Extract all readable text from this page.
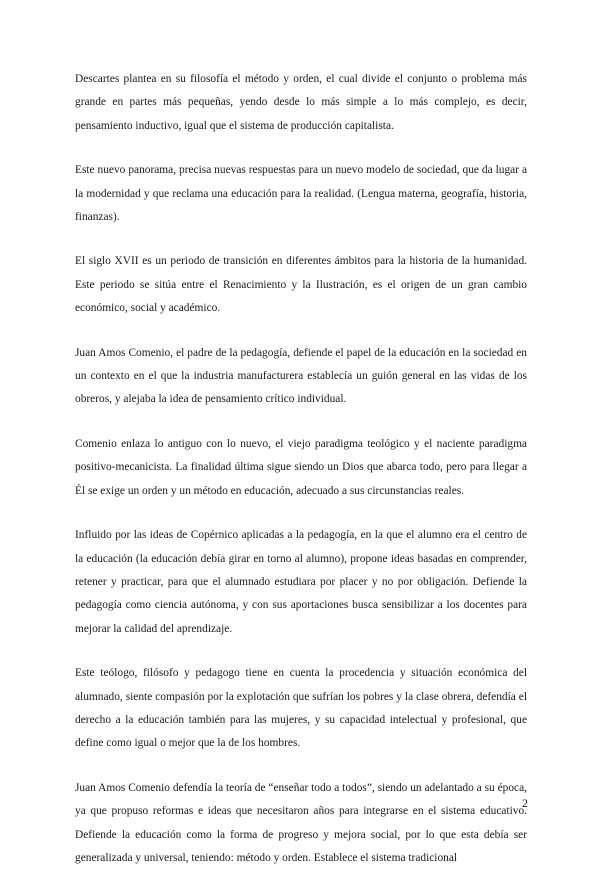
Descartes plantea en su filosofía el método y orden, el cual divide el conjunto o problema más grande en partes más pequeñas, yendo desde lo más simple a lo más complejo, es decir, pensamiento inductivo, igual que el sistema de producción capitalista.

Este nuevo panorama, precisa nuevas respuestas para un nuevo modelo de sociedad, que da lugar a la modernidad y que reclama una educación para la realidad. (Lengua materna, geografía, historia, finanzas).

El siglo XVII es un periodo de transición en diferentes ámbitos para la historia de la humanidad. Este periodo se sitúa entre el Renacimiento y la Ilustración, es el origen de un gran cambio económico, social y académico.

Juan Amos Comenio, el padre de la pedagogía, defiende el papel de la educación en la sociedad en un contexto en el que la industria manufacturera establecía un guión general en las vidas de los obreros, y alejaba la idea de pensamiento crítico individual.

Comenio enlaza lo antiguo con lo nuevo, el viejo paradigma teológico y el naciente paradigma positivo-mecanicista. La finalidad última sigue siendo un Dios que abarca todo, pero para llegar a Él se exige un orden y un método en educación, adecuado a sus circunstancias reales.

Influido por las ideas de Copérnico aplicadas a la pedagogía, en la que el alumno era el centro de la educación (la educación debía girar en torno al alumno), propone ideas basadas en comprender, retener y practicar, para que el alumnado estudiara por placer y no por obligación. Defiende la pedagogía como ciencia autónoma, y con sus aportaciones busca sensibilizar a los docentes para mejorar la calidad del aprendizaje.

Este teólogo, filósofo y pedagogo tiene en cuenta la procedencia y situación económica del alumnado, siente compasión por la explotación que sufrían los pobres y la clase obrera, defendía el derecho a la educación también para las mujeres, y su capacidad intelectual y profesional, que define como igual o mejor que la de los hombres.

Juan Amos Comenio defendía la teoría de “enseñar todo a todos”, siendo un adelantado a su época, ya que propuso reformas e ideas que necesitaron años para integrarse en el sistema educativo. Defiende la educación como la forma de progreso y mejora social, por lo que esta debía ser generalizada y universal, teniendo: método y orden. Establece el sistema tradicional

2
